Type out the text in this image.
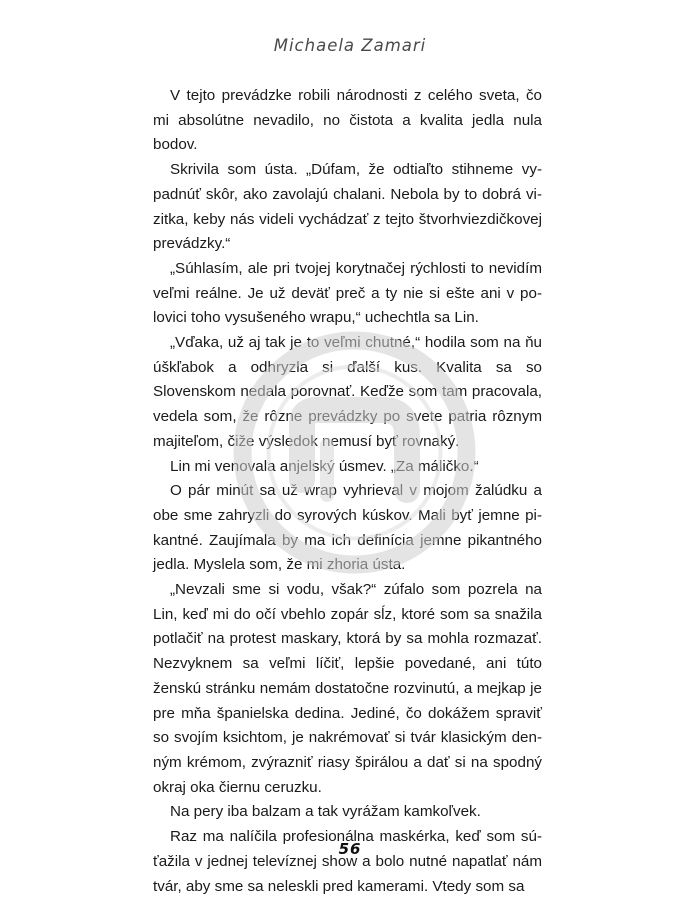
Michaela Zamari

V tejto prevádzke robili národnosti z celého sveta, čo mi absolútne nevadilo, no čistota a kvalita jedla nula bodov.

Skrivila som ústa. „Dúfam, že odtiaľto stihneme vypadnúť skôr, ako zavolajú chalani. Nebola by to dobrá vizitka, keby nás videli vychádzať z tejto štvorhviezdičkovej prevádzky.“

„Súhlasím, ale pri tvojej korytnačej rýchlosti to nevidím veľmi reálne. Je už deväť preč a ty nie si ešte ani v polovici toho vysušeného wrapu,“ uchechtla sa Lin.

„Vďaka, už aj tak je to veľmi chutné,“ hodila som na ňu úškľabok a odhryzla si ďalší kus. Kvalita sa so Slovenskom nedala porovnať. Keďže som tam pracovala, vedela som, že rôzne prevádzky po svete patria rôznym majiteľom, čiže výsledok nemusí byť rovnaký.

Lin mi venovala anjelský úsmev. „Za máličko.“

O pár minút sa už wrap vyhrieval v mojom žalúdku a obe sme zahryzli do syrových kúskov. Mali byť jemne pikantné. Zaujímala by ma ich definícia jemne pikantného jedla. Myslela som, že mi zhoria ústa.

„Nevzali sme si vodu, však?“ zúfalo som pozrela na Lin, keď mi do očí vbehlo zopár sĺz, ktoré som sa snažila potlačiť na protest maskary, ktorá by sa mohla rozmazať. Nezvyknem sa veľmi líčiť, lepšie povedané, ani túto ženskú stránku nemám dostatočne rozvinutú, a mejkap je pre mňa španielska dedina. Jediné, čo dokážem spraviť so svojím ksichtom, je nakrémovať si tvár klasickým denným krémom, zvýrazniť riasy špirálou a dať si na spodný okraj oka čiernu ceruzku.

Na pery iba balzam a tak vyrážam kamkoľvek.

Raz ma nalíčila profesionálna maskérka, keď som súťažila v jednej televíznej show a bolo nutné napatlať nám tvár, aby sme sa neleskli pred kamerami. Vtedy som sa

56
